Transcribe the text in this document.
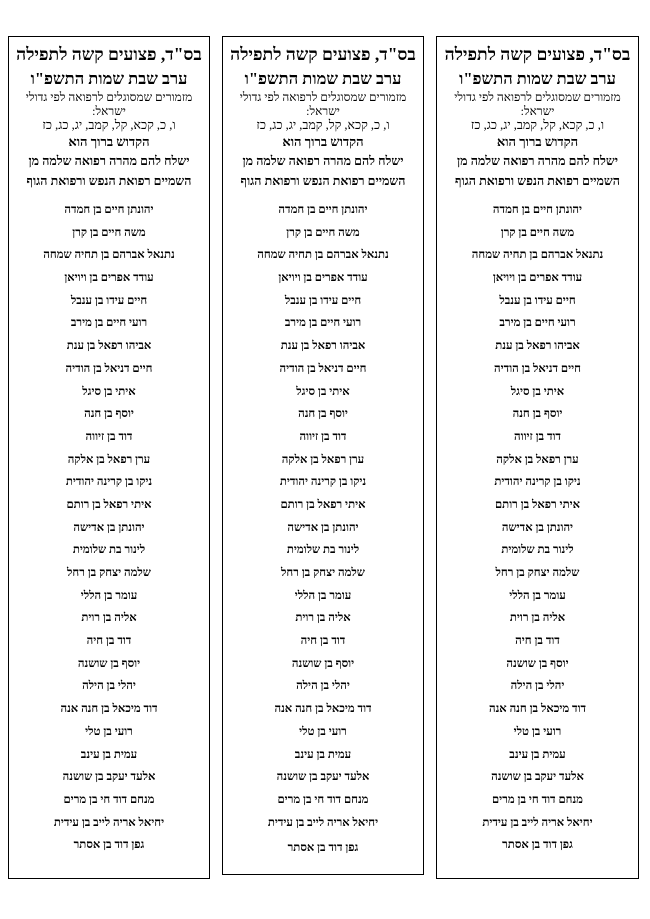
בס"ד, פצועים קשה לתפילה
ערב שבת שמות התשפ"ו
מזמורים שמסוגלים לרפואה לפי גדולי ישראל:
ו, כ, קכא, קל, קמב, יג, כג, כז
הקדוש ברוך הוא
ישלח להם מהרה רפואה שלמה מן השמיים רפואת הנפש ורפואת הגוף
יהונתן חיים בן חמדה
משה חיים בן קרן
נתנאל אברהם בן תחיה שמחה
עודד אפרים בן ויויאן
חיים עידו בן ענבל
רועי חיים בן מירב
אביהו רפאל בן ענת
חיים דניאל בן הודיה
איתי בן סיגל
יוסף בן חנה
דוד בן זיווה
ערן רפאל בן אלקה
ניקו בן קרינה יהודית
איתי רפאל בן רותם
יהונתן בן אדישה
לינור בת שלומית
שלמה יצחק בן רחל
עומר בן הללי
אליה בן רוית
דוד בן חיה
יוסף בן שושנה
יהלי בן הילה
דוד מיכאל בן חנה אנה
רועי בן טלי
עמית בן עינב
אלעד יעקב בן שושנה
מנחם דוד חי בן מרים
יחיאל אריה לייב בן עידית
גפן דוד בן אסתר
בס"ד, פצועים קשה לתפילה
ערב שבת שמות התשפ"ו
מזמורים שמסוגלים לרפואה לפי גדולי ישראל:
ו, כ, קכא, קל, קמב, יג, כג, כז
הקדוש ברוך הוא
ישלח להם מהרה רפואה שלמה מן השמיים רפואת הנפש ורפואת הגוף
יהונתן חיים בן חמדה
משה חיים בן קרן
נתנאל אברהם בן תחיה שמחה
עודד אפרים בן ויויאן
חיים עידו בן ענבל
רועי חיים בן מירב
אביהו רפאל בן ענת
חיים דניאל בן הודיה
איתי בן סיגל
יוסף בן חנה
דוד בן זיווה
ערן רפאל בן אלקה
ניקו בן קרינה יהודית
איתי רפאל בן רותם
יהונתן בן אדישה
לינור בת שלומית
שלמה יצחק בן רחל
עומר בן הללי
אליה בן רוית
דוד בן חיה
יוסף בן שושנה
יהלי בן הילה
דוד מיכאל בן חנה אנה
רועי בן טלי
עמית בן עינב
אלעד יעקב בן שושנה
מנחם דוד חי בן מרים
יחיאל אריה לייב בן עידית
גפן דוד בן אסתר
בס"ד, פצועים קשה לתפילה
ערב שבת שמות התשפ"ו
מזמורים שמסוגלים לרפואה לפי גדולי ישראל:
ו, כ, קכא, קל, קמב, יג, כג, כז
הקדוש ברוך הוא
ישלח להם מהרה רפואה שלמה מן השמיים רפואת הנפש ורפואת הגוף
יהונתן חיים בן חמדה
משה חיים בן קרן
נתנאל אברהם בן תחיה שמחה
עודד אפרים בן ויויאן
חיים עידו בן ענבל
רועי חיים בן מירב
אביהו רפאל בן ענת
חיים דניאל בן הודיה
איתי בן סיגל
יוסף בן חנה
דוד בן זיווה
ערן רפאל בן אלקה
ניקו בן קרינה יהודית
איתי רפאל בן רותם
יהונתן בן אדישה
לינור בת שלומית
שלמה יצחק בן רחל
עומר בן הללי
אליה בן רוית
דוד בן חיה
יוסף בן שושנה
יהלי בן הילה
דוד מיכאל בן חנה אנה
רועי בן טלי
עמית בן עינב
אלעד יעקב בן שושנה
מנחם דוד חי בן מרים
יחיאל אריה לייב בן עידית
גפן דוד בן אסתר
